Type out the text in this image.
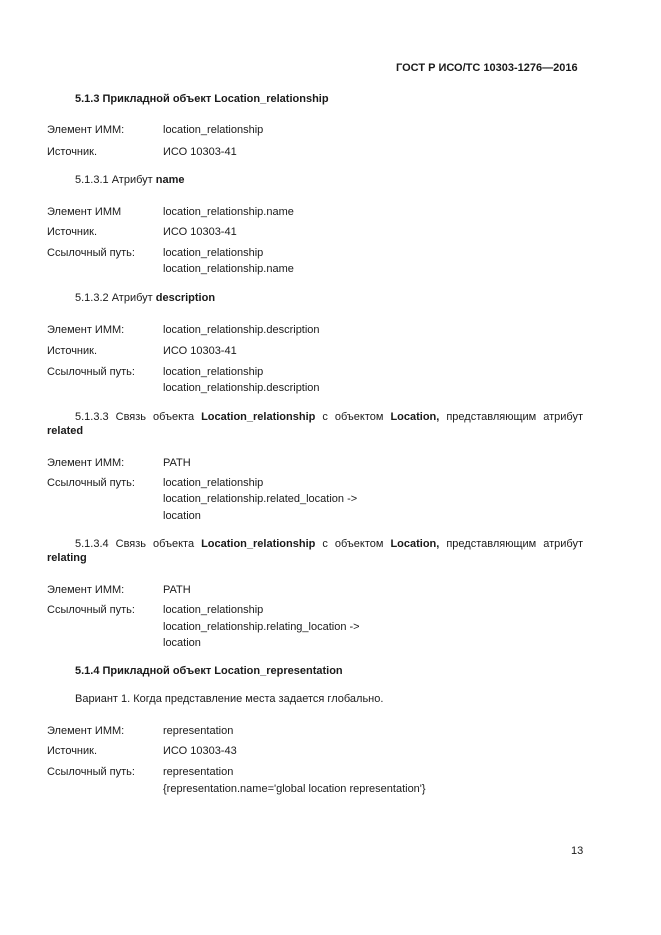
ГОСТ Р ИСО/ТС 10303-1276—2016
5.1.3 Прикладной объект Location_relationship
Элемент ИММ:	location_relationship
Источник.	ИСО 10303-41
5.1.3.1 Атрибут name
Элемент ИММ	location_relationship.name
Источник.	ИСО 10303-41
Ссылочный путь:	location_relationship
location_relationship.name
5.1.3.2 Атрибут description
Элемент ИММ:	location_relationship.description
Источник.	ИСО 10303-41
Ссылочный путь:	location_relationship
location_relationship.description
5.1.3.3 Связь объекта Location_relationship с объектом Location, представляющим атрибут
related
Элемент ИММ:	PATH
Ссылочный путь:	location_relationship
location_relationship.related_location ->
location
5.1.3.4 Связь объекта Location_relationship с объектом Location, представляющим атрибут
relating
Элемент ИММ:	PATH
Ссылочный путь:	location_relationship
location_relationship.relating_location ->
location
5.1.4 Прикладной объект Location_representation
Вариант 1. Когда представление места задается глобально.
Элемент ИММ:	representation
Источник.	ИСО 10303-43
Ссылочный путь:	representation
{representation.name='global location representation'}
13
